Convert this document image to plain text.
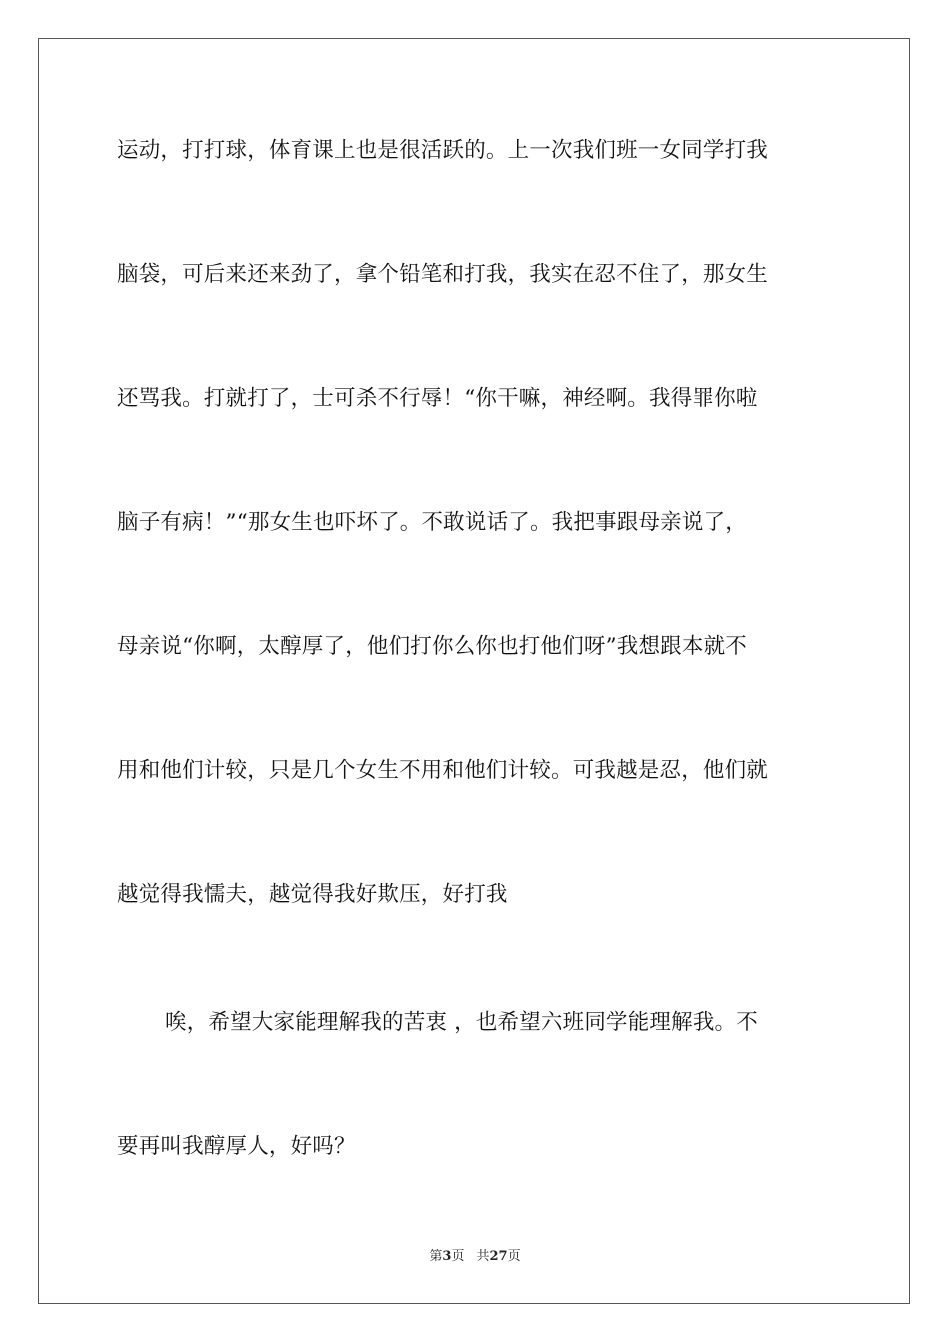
运动，打打球，体育课上也是很活跃的。上一次我们班一女同学打我
脑袋，可后来还来劲了，拿个铅笔和打我，我实在忍不住了，那女生
还骂我。打就打了，士可杀不行辱！“你干嘛，神经啊。我得罪你啦
脑子有病！”“那女生也吓坏了。不敢说话了。我把事跟母亲说了，
母亲说“你啊，太醇厚了，他们打你么你也打他们呀”我想跟本就不
用和他们计较，只是几个女生不用和他们计较。可我越是忍，他们就
越觉得我懦夫，越觉得我好欺压，好打我
唉，希望大家能理解我的苦衷 ，也希望六班同学能理解我。不
要再叫我醇厚人，好吗？
第3页 共27页
